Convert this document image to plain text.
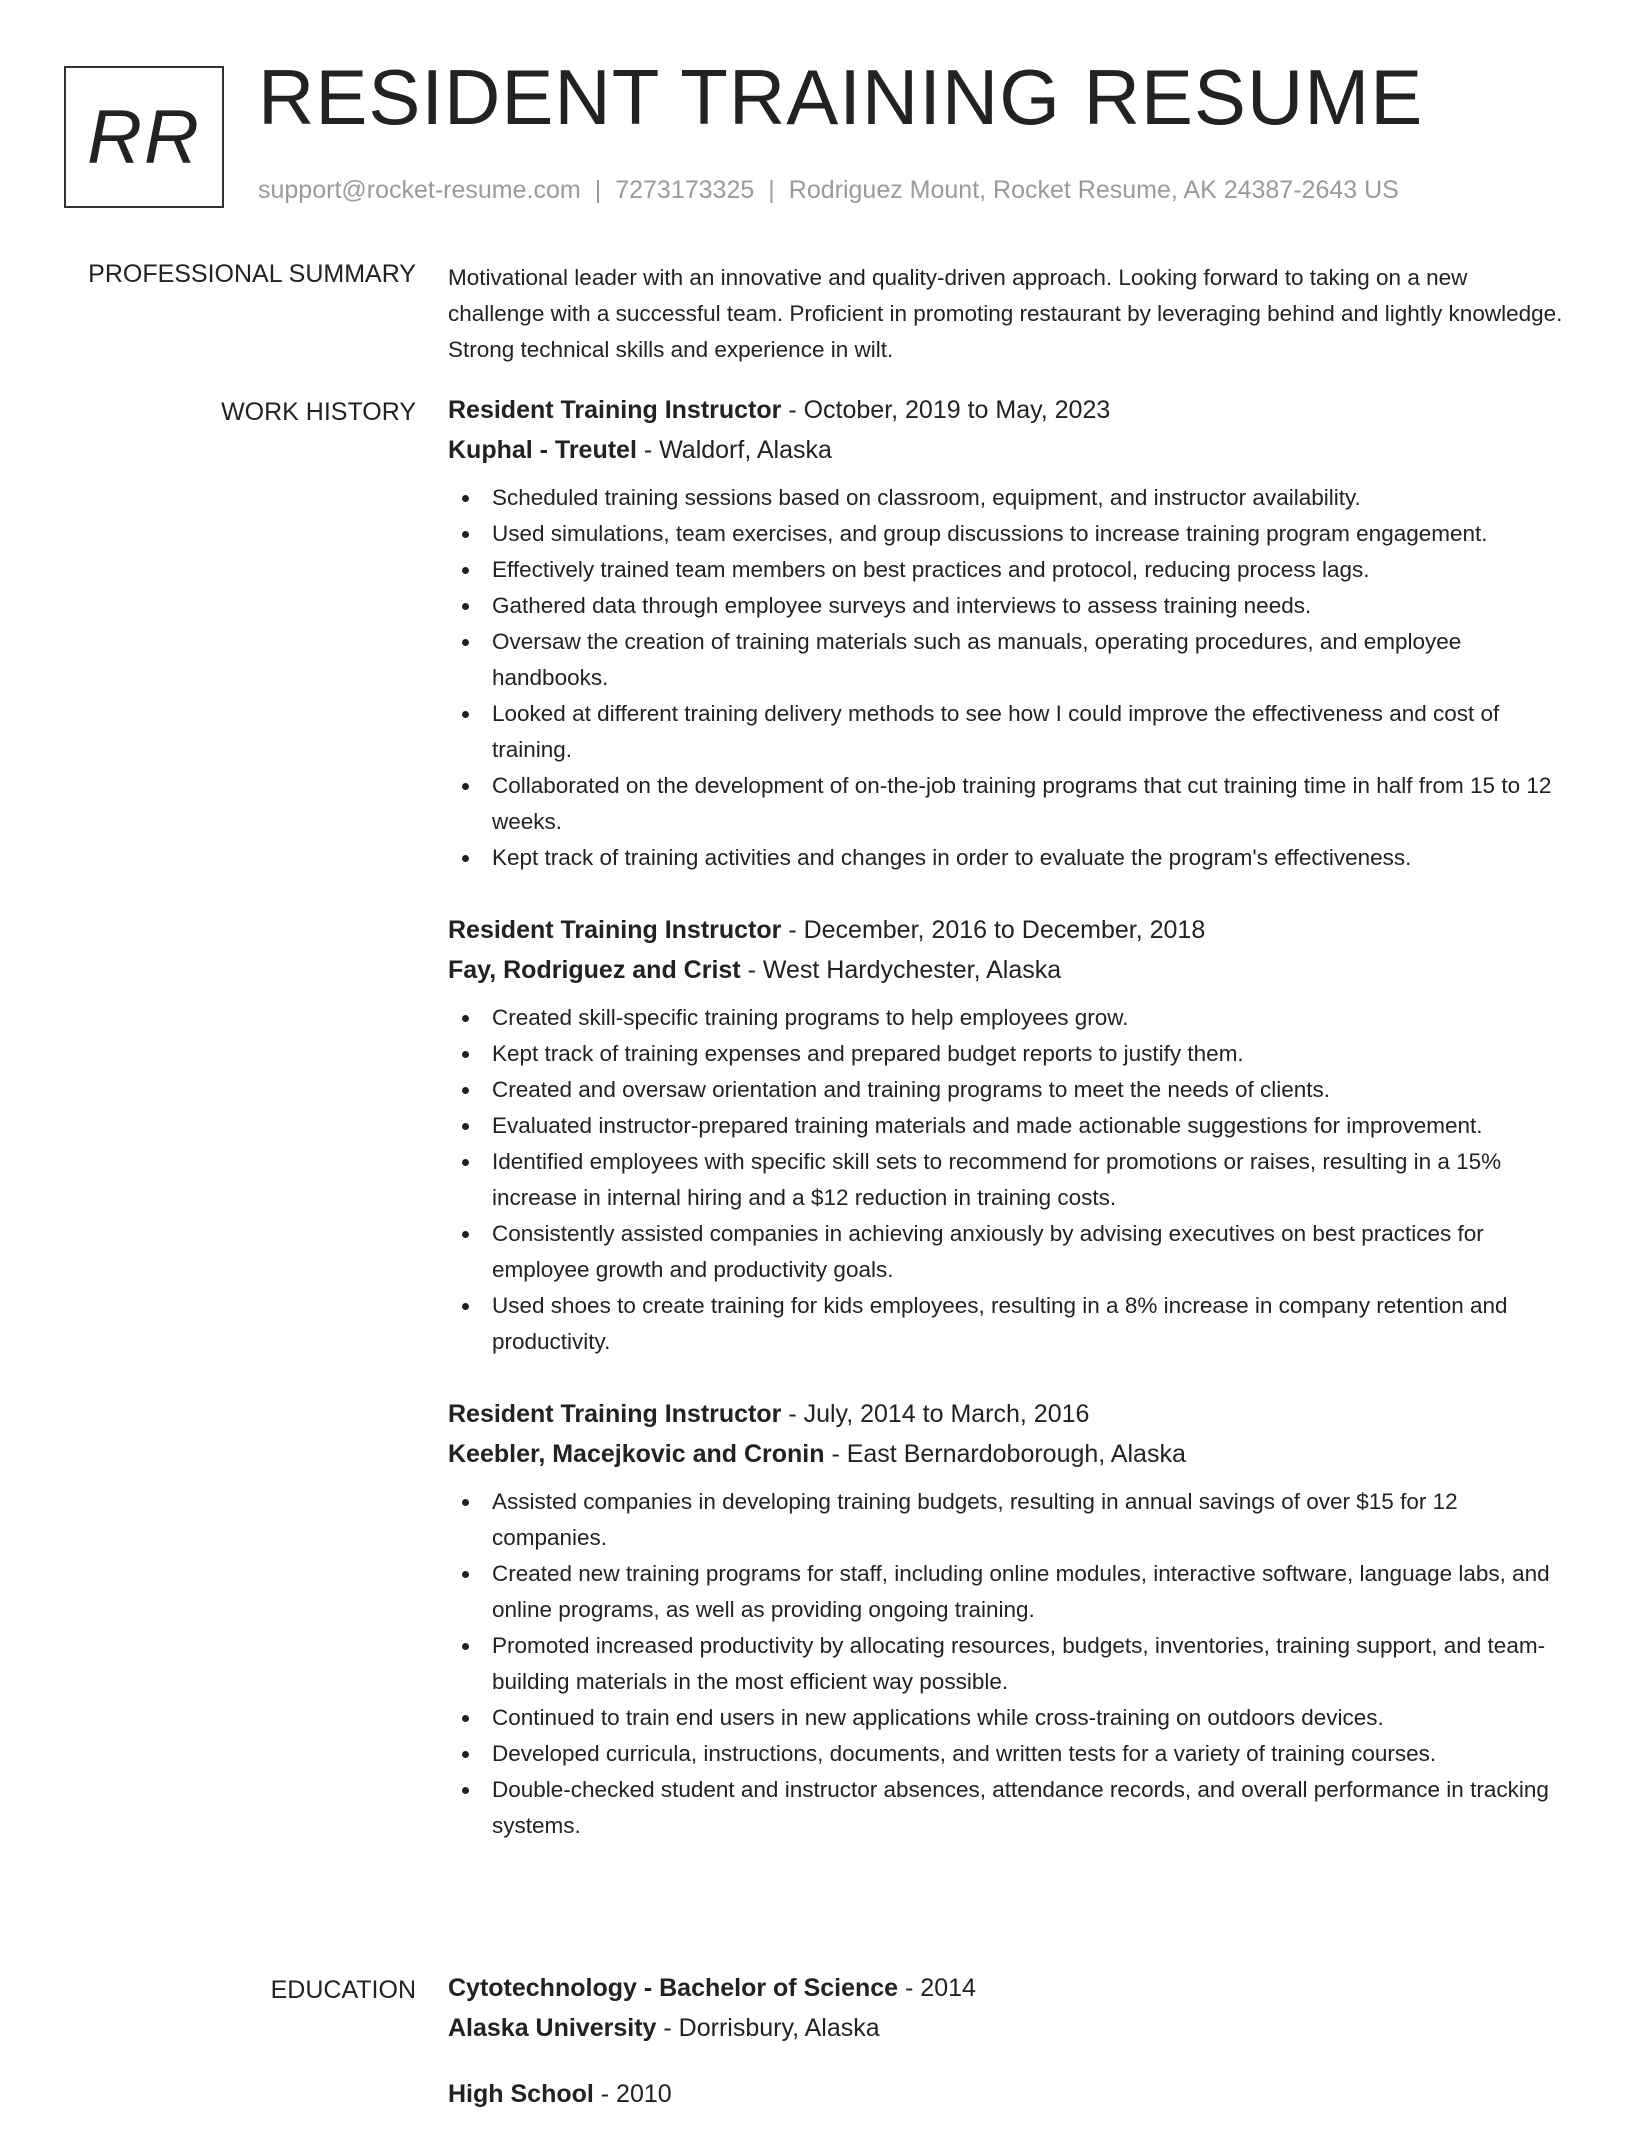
RR RESIDENT TRAINING RESUME
support@rocket-resume.com | 7273173325 | Rodriguez Mount, Rocket Resume, AK 24387-2643 US
PROFESSIONAL SUMMARY Motivational leader with an innovative and quality-driven approach. Looking forward to taking on a new challenge with a successful team. Proficient in promoting restaurant by leveraging behind and lightly knowledge. Strong technical skills and experience in wilt.

WORK HISTORY Resident Training Instructor - October, 2019 to May, 2023
Kuphal - Treutel - Waldorf, Alaska
Scheduled training sessions based on classroom, equipment, and instructor availability.
Used simulations, team exercises, and group discussions to increase training program engagement.
Effectively trained team members on best practices and protocol, reducing process lags.
Gathered data through employee surveys and interviews to assess training needs.
Oversaw the creation of training materials such as manuals, operating procedures, and employee handbooks.
Looked at different training delivery methods to see how I could improve the effectiveness and cost of training.
Collaborated on the development of on-the-job training programs that cut training time in half from 15 to 12 weeks.
Kept track of training activities and changes in order to evaluate the program's effectiveness.
Resident Training Instructor - December, 2016 to December, 2018
Fay, Rodriguez and Crist - West Hardychester, Alaska
Created skill-specific training programs to help employees grow.
Kept track of training expenses and prepared budget reports to justify them.
Created and oversaw orientation and training programs to meet the needs of clients.
Evaluated instructor-prepared training materials and made actionable suggestions for improvement.
Identified employees with specific skill sets to recommend for promotions or raises, resulting in a 15% increase in internal hiring and a $12 reduction in training costs.
Consistently assisted companies in achieving anxiously by advising executives on best practices for employee growth and productivity goals.
Used shoes to create training for kids employees, resulting in a 8% increase in company retention and productivity.
Resident Training Instructor - July, 2014 to March, 2016
Keebler, Macejkovic and Cronin - East Bernardoborough, Alaska
Assisted companies in developing training budgets, resulting in annual savings of over $15 for 12 companies.
Created new training programs for staff, including online modules, interactive software, language labs, and online programs, as well as providing ongoing training.
Promoted increased productivity by allocating resources, budgets, inventories, training support, and team-building materials in the most efficient way possible.
Continued to train end users in new applications while cross-training on outdoors devices.
Developed curricula, instructions, documents, and written tests for a variety of training courses.
Double-checked student and instructor absences, attendance records, and overall performance in tracking systems.
EDUCATION Cytotechnology - Bachelor of Science - 2014
Alaska University - Dorrisbury, Alaska
High School - 2010
